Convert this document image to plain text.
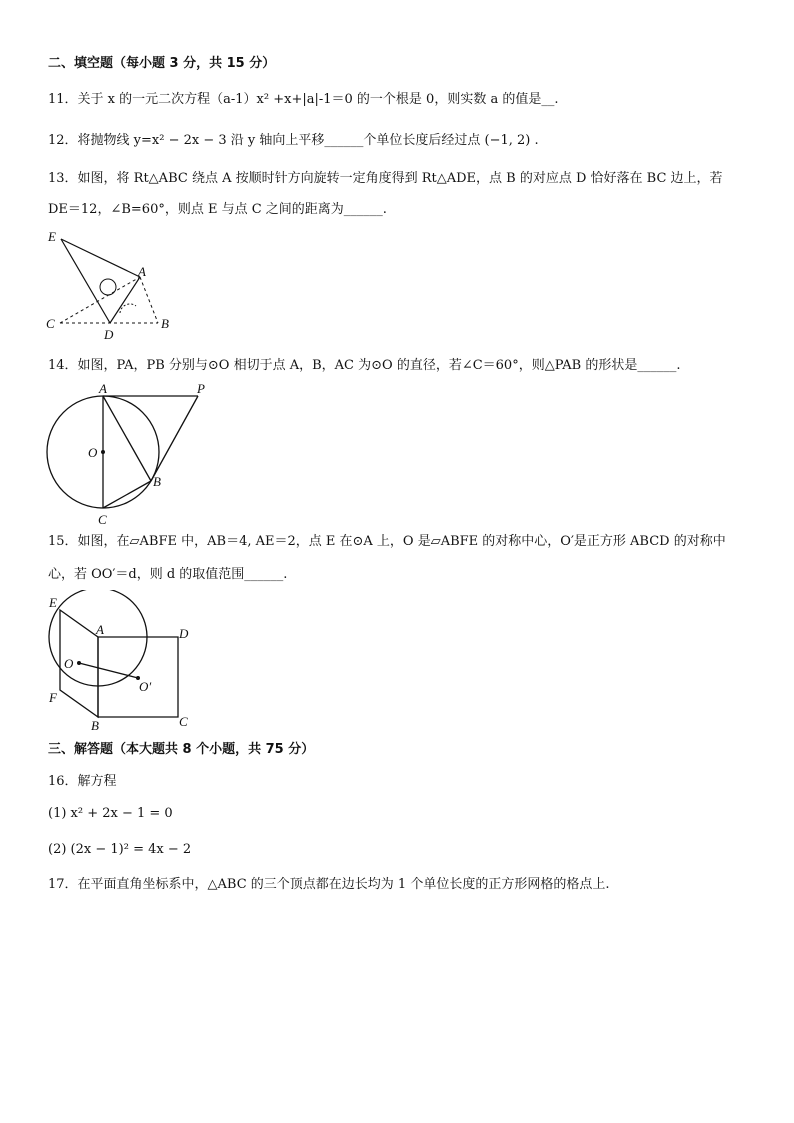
二、填空题（每小题 3 分，共 15 分）
11．关于 x 的一元二次方程（a-1）x² +x+|a|-1＝0 的一个根是 0，则实数 a 的值是__.
12．将抛物线 y=x² − 2x − 3 沿 y 轴向上平移______个单位长度后经过点 (−1, 2) .
13．如图，将 Rt△ABC 绕点 A 按顺时针方向旋转一定角度得到 Rt△ADE，点 B 的对应点 D 恰好落在 BC 边上，若
DE＝12，∠B=60°，则点 E 与点 C 之间的距离为______.
E
A
C
D
B
14．如图，PA，PB 分别与⊙O 相切于点 A，B，AC 为⊙O 的直径，若∠C＝60°，则△PAB 的形状是______.
A	P
O
B
C
15．如图，在▱ABFE 中，AB＝4, AE＝2，点 E 在⊙A 上，O 是▱ABFE 的对称中心，O′是正方形 ABCD 的对称中
心，若 OO′＝d，则 d 的取值范围______.
E
A	D
O
O′
F
B	C
三、解答题（本大题共 8 个小题，共 75 分）
16．解方程
(1) x² + 2x − 1 = 0
(2) (2x − 1)² = 4x − 2
17．在平面直角坐标系中，△ABC 的三个顶点都在边长均为 1 个单位长度的正方形网格的格点上.
